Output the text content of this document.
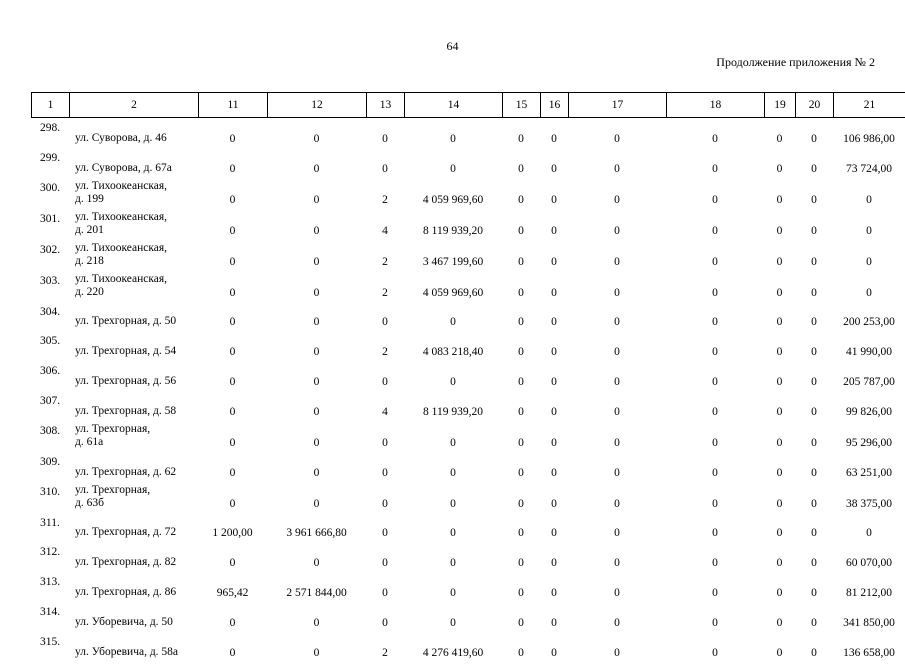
64
Продолжение приложения № 2
1	2	11	12	13	14	15	16	17	18	19	20	21
298.	ул. Суворова, д. 46	0	0	0	0	0	0	0	0	0	0	106 986,00
299.	ул. Суворова, д. 67а	0	0	0	0	0	0	0	0	0	0	73 724,00
300.	ул. Тихоокеанская,
д. 199	0	0	2	4 059 969,60	0	0	0	0	0	0	0
301.	ул. Тихоокеанская,
д. 201	0	0	4	8 119 939,20	0	0	0	0	0	0	0
302.	ул. Тихоокеанская,
д. 218	0	0	2	3 467 199,60	0	0	0	0	0	0	0
303.	ул. Тихоокеанская,
д. 220	0	0	2	4 059 969,60	0	0	0	0	0	0	0
304.	ул. Трехгорная, д. 50	0	0	0	0	0	0	0	0	0	0	200 253,00
305.	ул. Трехгорная, д. 54	0	0	2	4 083 218,40	0	0	0	0	0	0	41 990,00
306.	ул. Трехгорная, д. 56	0	0	0	0	0	0	0	0	0	0	205 787,00
307.	ул. Трехгорная, д. 58	0	0	4	8 119 939,20	0	0	0	0	0	0	99 826,00
308.	ул. Трехгорная,
д. 61а	0	0	0	0	0	0	0	0	0	0	95 296,00
309.	ул. Трехгорная, д. 62	0	0	0	0	0	0	0	0	0	0	63 251,00
310.	ул. Трехгорная,
д. 63б	0	0	0	0	0	0	0	0	0	0	38 375,00
311.	ул. Трехгорная, д. 72	1 200,00	3 961 666,80	0	0	0	0	0	0	0	0	0
312.	ул. Трехгорная, д. 82	0	0	0	0	0	0	0	0	0	0	60 070,00
313.	ул. Трехгорная, д. 86	965,42	2 571 844,00	0	0	0	0	0	0	0	0	81 212,00
314.	ул. Уборевича, д. 50	0	0	0	0	0	0	0	0	0	0	341 850,00
315.	ул. Уборевича, д. 58а	0	0	2	4 276 419,60	0	0	0	0	0	0	136 658,00
